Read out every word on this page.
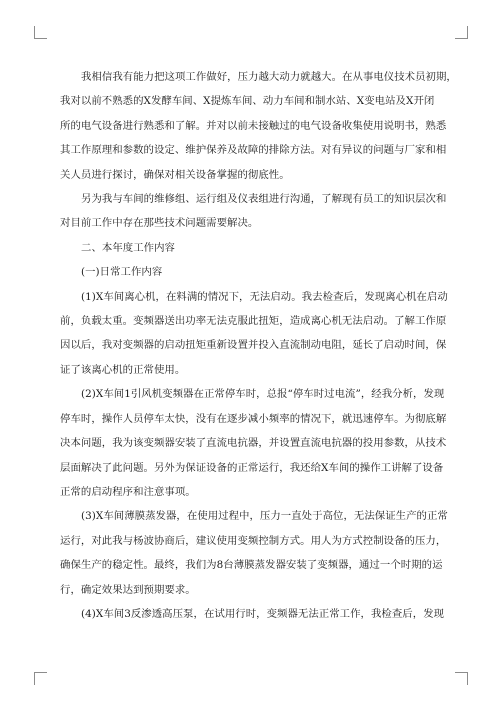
我相信我有能力把这项工作做好，压力越大动力就越大。在从事电仪技术员初期，
我对以前不熟悉的X发酵车间、X提炼车间、动力车间和制水站、X变电站及X开闭
所的电气设备进行熟悉和了解。并对以前未接触过的电气设备收集使用说明书，熟悉
其工作原理和参数的设定、维护保养及故障的排除方法。对有异议的问题与厂家和相
关人员进行探讨，确保对相关设备掌握的彻底性。
另为我与车间的维修组、运行组及仪表组进行沟通，了解现有员工的知识层次和
对目前工作中存在那些技术问题需要解决。
二、本年度工作内容
(一)日常工作内容
(1)X车间离心机，在料满的情况下，无法启动。我去检查后，发现离心机在启动
前，负载太重。变频器送出功率无法克服此扭矩，造成离心机无法启动。了解工作原
因以后，我对变频器的启动扭矩重新设置并投入直流制动电阻，延长了启动时间，保
证了该离心机的正常使用。
(2)X车间1引风机变频器在正常停车时，总报“停车时过电流”，经我分析，发现
停车时，操作人员停车太快，没有在逐步减小频率的情况下，就迅速停车。为彻底解
决本问题，我为该变频器安装了直流电抗器，并设置直流电抗器的投用参数，从技术
层面解决了此问题。另外为保证设备的正常运行，我还给X车间的操作工讲解了设备
正常的启动程序和注意事项。
(3)X车间薄膜蒸发器，在使用过程中，压力一直处于高位，无法保证生产的正常
运行，对此我与杨波协商后，建议使用变频控制方式。用人为方式控制设备的压力，
确保生产的稳定性。最终，我们为8台薄膜蒸发器安装了变频器，通过一个时期的运
行，确定效果达到预期要求。
(4)X车间3反渗透高压泵，在试用行时，变频器无法正常工作，我检查后，发现
